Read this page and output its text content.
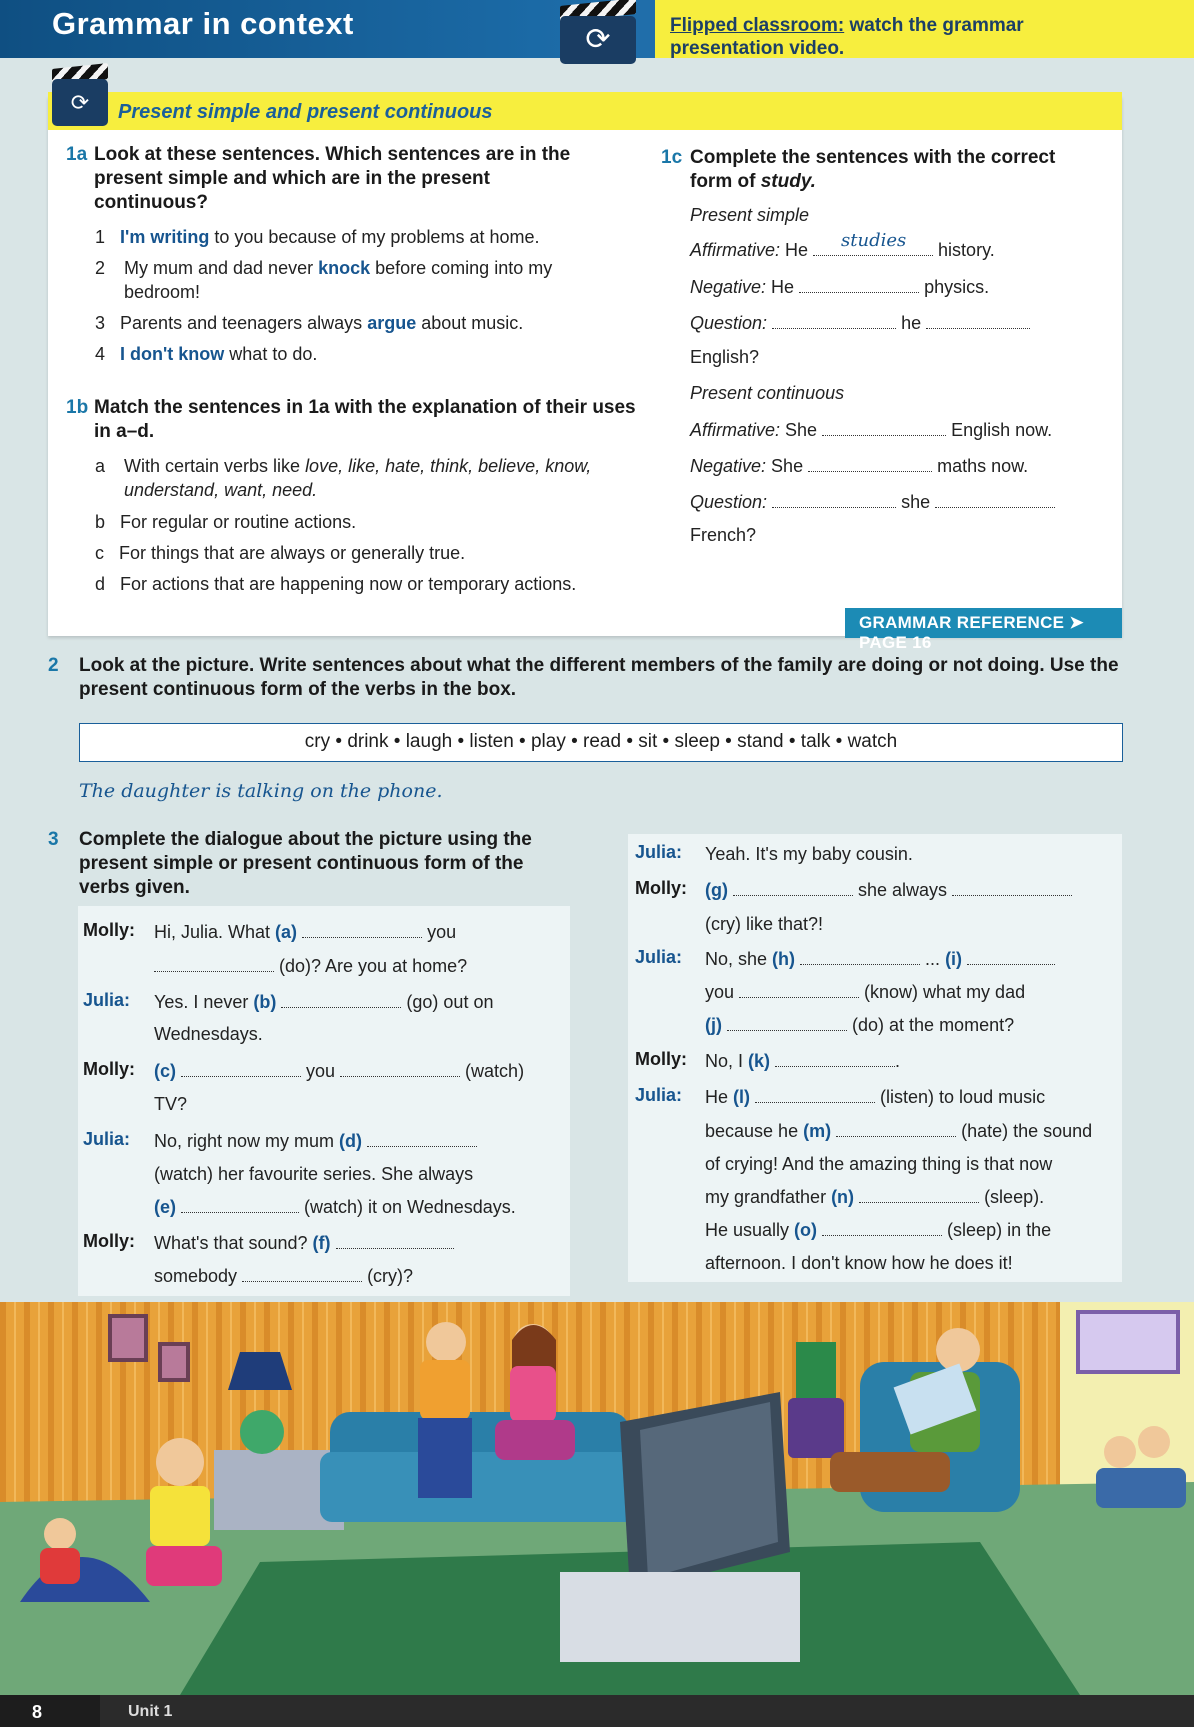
Grammar in context	⟳	Flipped classroom: watch the grammar presentation video.
⟳ Present simple and present continuous
1a Look at these sentences. Which sentences are in the present simple and which are in the present continuous?
1 I'm writing to you because of my problems at home.
2 My mum and dad never knock before coming into my bedroom!
3 Parents and teenagers always argue about music.
4 I don't know what to do.
1b Match the sentences in 1a with the explanation of their uses in a–d.
a With certain verbs like love, like, hate, think, believe, know, understand, want, need.
b For regular or routine actions.
c For things that are always or generally true.
d For actions that are happening now or temporary actions.
1c Complete the sentences with the correct form of study.
Present simple
Affirmative: He studies history.
Negative: He	physics.
Question:	he
English?
Present continuous
Affirmative: She	English now.
Negative: She	maths now.
Question:	she
French?
GRAMMAR REFERENCE ➤ PAGE 16
2 Look at the picture. Write sentences about what the different members of the family are doing or not doing. Use the present continuous form of the verbs in the box.
cry • drink • laugh • listen • play • read • sit • sleep • stand • talk • watch
The daughter is talking on the phone.
3 Complete the dialogue about the picture using the present simple or present continuous form of the verbs given.
Molly: Hi, Julia. What (a)	you
(do)? Are you at home?
Julia: Yes. I never (b)	(go) out on
Wednesdays.
Molly: (c)	you	(watch)
TV?
Julia: No, right now my mum (d)
(watch) her favourite series. She always
(e)	(watch) it on Wednesdays.
Molly: What's that sound? (f)
somebody	(cry)?
Julia: Yeah. It's my baby cousin.
Molly: (g)	she always
(cry) like that?!
Julia: No, she (h)	... (i)
you	(know) what my dad
(j)	(do) at the moment?
Molly: No, I (k)	.
Julia: He (l)	(listen) to loud music
because he (m)	(hate) the sound
of crying! And the amazing thing is that now
my grandfather (n)	(sleep).
He usually (o)	(sleep) in the
afternoon. I don't know how he does it!
8	Unit 1
